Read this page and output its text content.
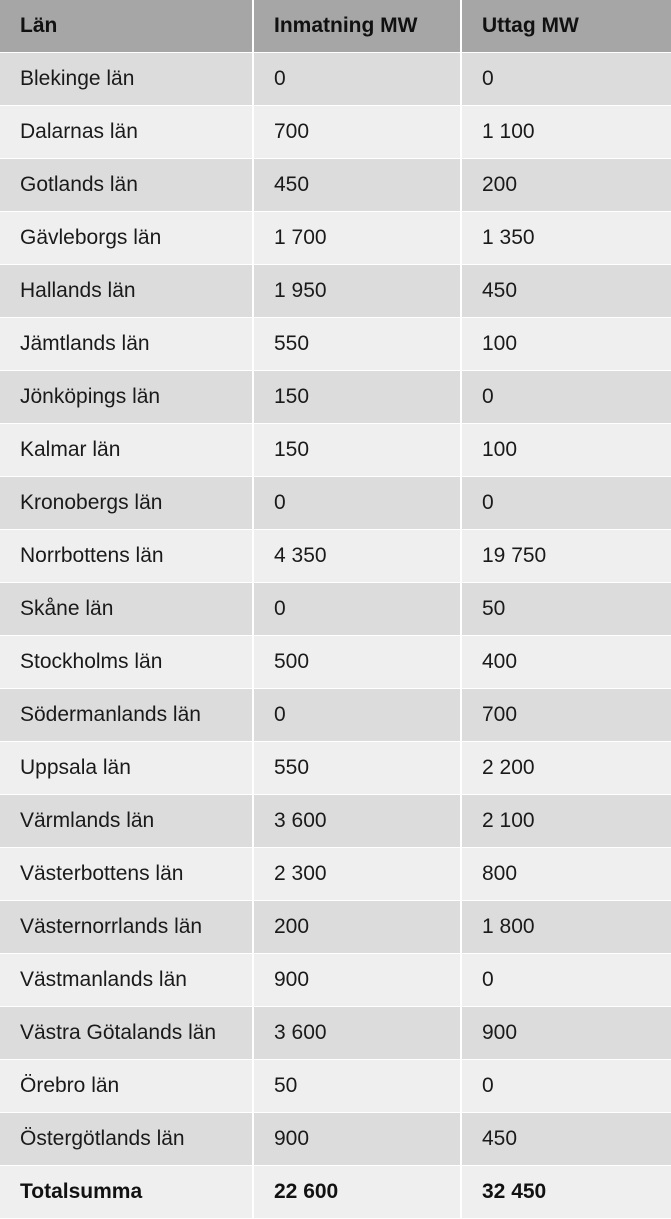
Län	Inmatning MW	Uttag MW
Blekinge län	0	0
Dalarnas län	700	1 100
Gotlands län	450	200
Gävleborgs län	1 700	1 350
Hallands län	1 950	450
Jämtlands län	550	100
Jönköpings län	150	0
Kalmar län	150	100
Kronobergs län	0	0
Norrbottens län	4 350	19 750
Skåne län	0	50
Stockholms län	500	400
Södermanlands län	0	700
Uppsala län	550	2 200
Värmlands län	3 600	2 100
Västerbottens län	2 300	800
Västernorrlands län	200	1 800
Västmanlands län	900	0
Västra Götalands län	3 600	900
Örebro län	50	0
Östergötlands län	900	450
Totalsumma	22 600	32 450
